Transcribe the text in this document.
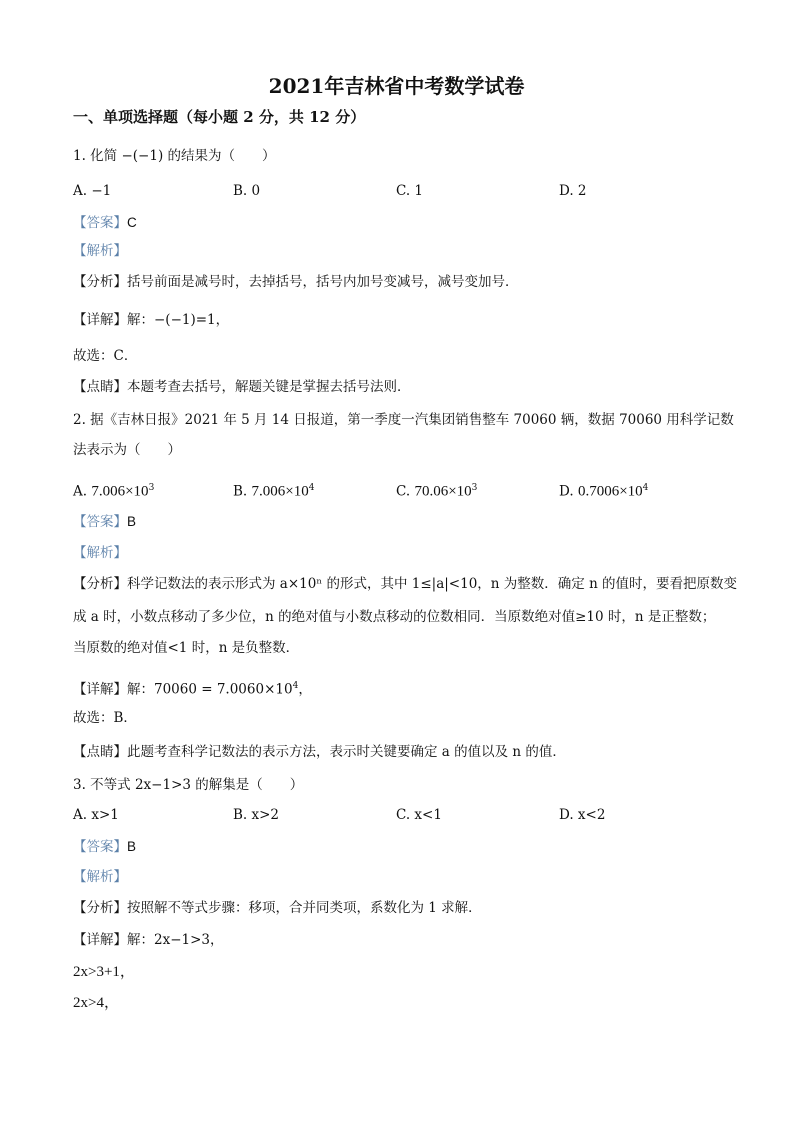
2021年吉林省中考数学试卷
一、单项选择题（每小题 2 分，共 12 分）
1. 化简 −(−1) 的结果为（　　）
A. −1	B. 0	C. 1	D. 2
【答案】C
【解析】
【分析】括号前面是减号时，去掉括号，括号内加号变减号，减号变加号．
【详解】解：−(−1)=1，
故选：C．
【点睛】本题考查去括号，解题关键是掌握去括号法则．
2. 据《吉林日报》2021 年 5 月 14 日报道，第一季度一汽集团销售整车 70060 辆，数据 70060 用科学记数
法表示为（　　）
A. $7.006\times 10^3$	B. $7.006\times 10^4$	C. $70.06\times 10^3$	D. $0.7006\times 10^4$
【答案】B
【解析】
【分析】科学记数法的表示形式为 a×10ⁿ 的形式，其中 1≤|a|<10，n 为整数．确定 n 的值时，要看把原数变
成 a 时，小数点移动了多少位，n 的绝对值与小数点移动的位数相同．当原数绝对值≥10 时，n 是正整数；
当原数的绝对值<1 时，n 是负整数．
【详解】解：$70060 = 7.0060\times 10^4$，
故选：B．
【点睛】此题考查科学记数法的表示方法，表示时关键要确定 a 的值以及 n 的值．
3. 不等式 2x−1>3 的解集是（　　）
A. x>1	B. x>2	C. x<1	D. x<2
【答案】B
【解析】
【分析】按照解不等式步骤：移项，合并同类项，系数化为 1 求解．
【详解】解：2x−1>3，
2x>3+1，
2x>4，
